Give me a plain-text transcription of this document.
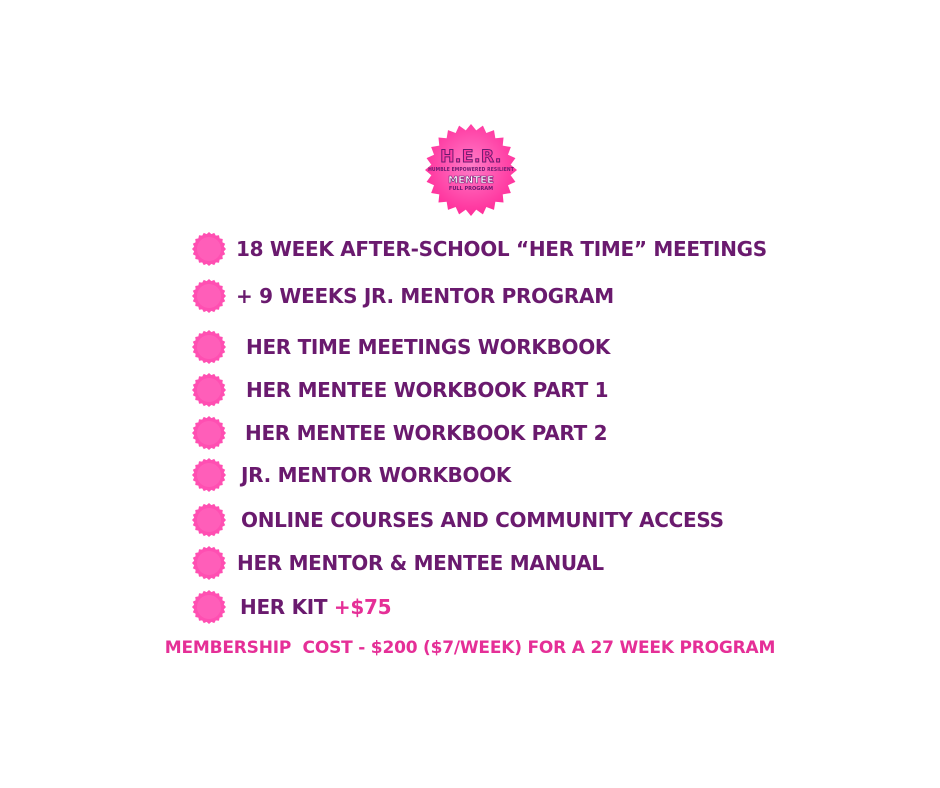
H.E.R.
HUMBLE EMPOWERED RESILIENT
MENTEE
FULL PROGRAM
18 WEEK AFTER-SCHOOL “HER TIME” MEETINGS
+ 9 WEEKS JR. MENTOR PROGRAM
HER TIME MEETINGS WORKBOOK
HER MENTEE WORKBOOK PART 1
HER MENTEE WORKBOOK PART 2
JR. MENTOR WORKBOOK
ONLINE COURSES AND COMMUNITY ACCESS
HER MENTOR & MENTEE MANUAL
HER KIT +$75
MEMBERSHIP  COST - $200 ($7/WEEK) FOR A 27 WEEK PROGRAM
